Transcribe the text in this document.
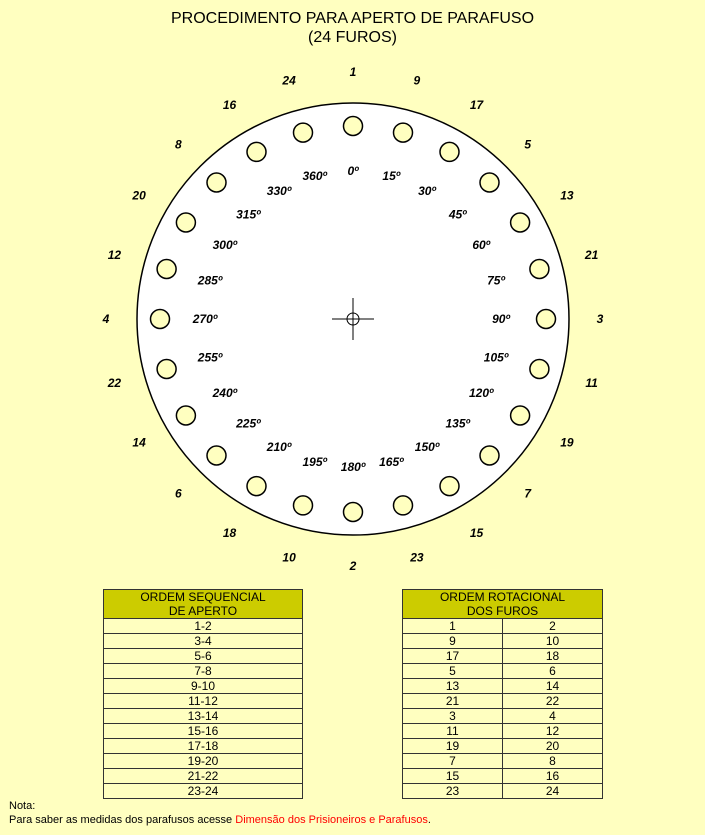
PROCEDIMENTO PARA APERTO DE PARAFUSO
(24 FUROS)
1
9
17
5
13
21
3
11
19
7
15
23
2
10
18
6
14
22
4
12
20
8
16
24
0º 15º
30º
45º
60º
75º
90º
105º
120º
135º
150º
165º
180º
195º
210º
225º
240º
255º
270º
285º
300º
315º
330º
360º
ORDEM SEQUENCIAL
DE APERTO
1-2
3-4
5-6
7-8
9-10
11-12
13-14
15-16
17-18
19-20
21-22
23-24
ORDEM ROTACIONAL
DOS FUROS	
1	2
9	10
17	18
5	6
13	14
21	22
3	4
11	12
19	20
7	8
15	16
23	24
Nota:
Para saber as medidas dos parafusos acesse Dimensão dos Prisioneiros e Parafusos.
